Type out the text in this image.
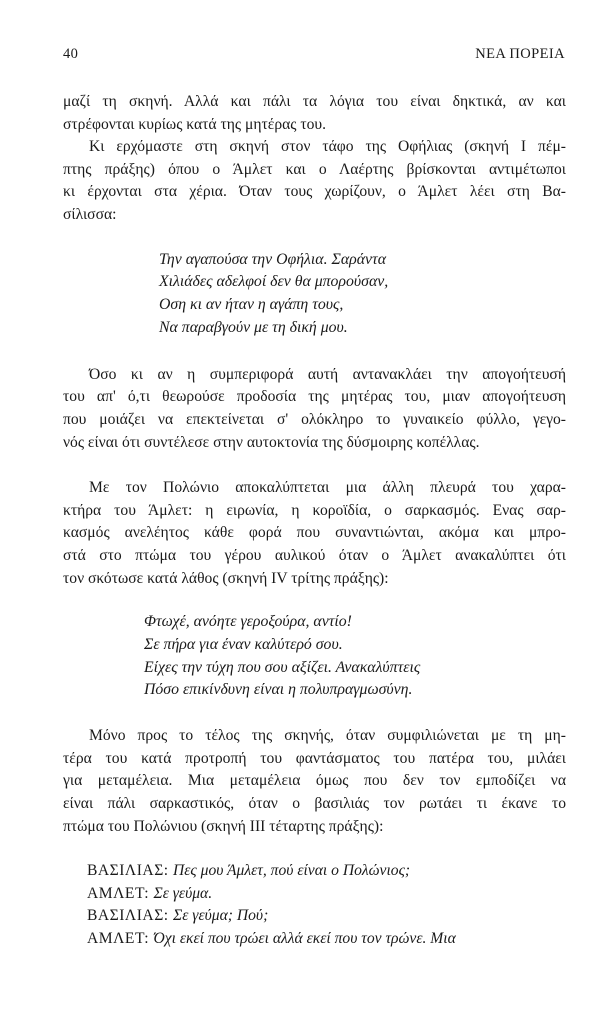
40	ΝΕΑ ΠΟΡΕΙΑ

μαζί τη σκηνή. Αλλά και πάλι τα λόγια του είναι δηκτικά, αν και
στρέφονται κυρίως κατά της μητέρας του.

Κι ερχόμαστε στη σκηνή στον τάφο της Οφήλιας (σκηνή Ι πέμ-
πτης πράξης) όπου ο Άμλετ και ο Λαέρτης βρίσκονται αντιμέτωποι
κι έρχονται στα χέρια. Όταν τους χωρίζουν, ο Άμλετ λέει στη Βα-
σίλισσα:

Την αγαπούσα την Οφήλια. Σαράντα
Χιλιάδες αδελφοί δεν θα μπορούσαν,
Οση κι αν ήταν η αγάπη τους,
Να παραβγούν με τη δική μου.

Όσο κι αν η συμπεριφορά αυτή αντανακλάει την απογοήτευσή
του απ' ό,τι θεωρούσε προδοσία της μητέρας του, μιαν απογοήτευση
που μοιάζει να επεκτείνεται σ' ολόκληρο το γυναικείο φύλλο, γεγο-
νός είναι ότι συντέλεσε στην αυτοκτονία της δύσμοιρης κοπέλλας.

Με τον Πολώνιο αποκαλύπτεται μια άλλη πλευρά του χαρα-
κτήρα του Άμλετ: η ειρωνία, η κοροϊδία, ο σαρκασμός. Ενας σαρ-
κασμός ανελέητος κάθε φορά που συναντιώνται, ακόμα και μπρο-
στά στο πτώμα του γέρου αυλικού όταν ο Άμλετ ανακαλύπτει ότι
τον σκότωσε κατά λάθος (σκηνή IV τρίτης πράξης):

Φτωχέ, ανόητε γεροξούρα, αντίο!
Σε πήρα για έναν καλύτερό σου.
Είχες την τύχη που σου αξίζει. Ανακαλύπτεις
Πόσο επικίνδυνη είναι η πολυπραγμωσύνη.

Μόνο προς το τέλος της σκηνής, όταν συμφιλιώνεται με τη μη-
τέρα του κατά προτροπή του φαντάσματος του πατέρα του, μιλάει
για μεταμέλεια. Μια μεταμέλεια όμως που δεν τον εμποδίζει να
είναι πάλι σαρκαστικός, όταν ο βασιλιάς τον ρωτάει τι έκανε το
πτώμα του Πολώνιου (σκηνή III τέταρτης πράξης):

ΒΑΣΙΛΙΑΣ: Πες μου Άμλετ, πού είναι ο Πολώνιος;
ΑΜΛΕΤ: Σε γεύμα.
ΒΑΣΙΛΙΑΣ: Σε γεύμα; Πού;
ΑΜΛΕΤ: Όχι εκεί που τρώει αλλά εκεί που τον τρώνε. Μια
